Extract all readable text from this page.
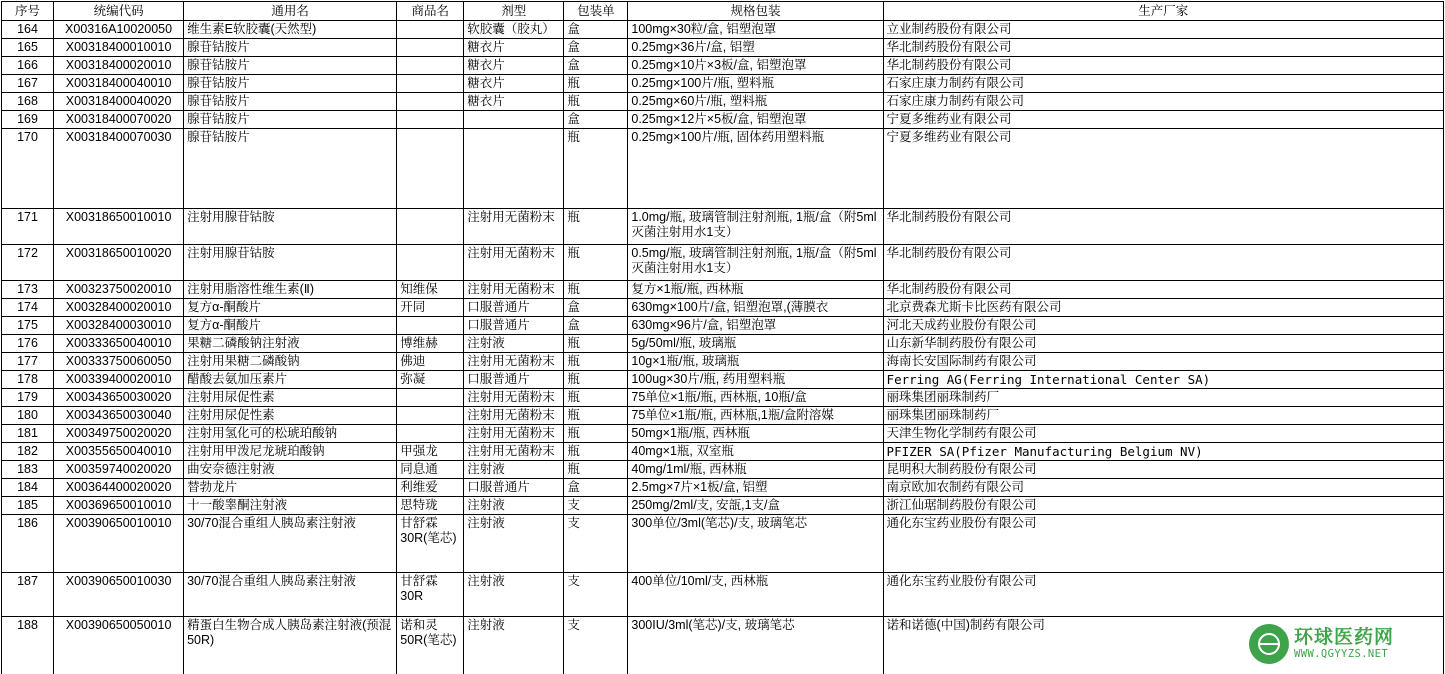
序号	统编代码	通用名	商品名	剂型	包装单	规格包装	生产厂家
164	X00316A10020050	维生素E软胶囊(天然型)		软胶囊（胶丸）	盒	100mg×30粒/盒, 铝塑泡罩	立业制药股份有限公司
165	X00318400010010	腺苷钴胺片		糖衣片	盒	0.25mg×36片/盒, 铝塑	华北制药股份有限公司
166	X00318400020010	腺苷钴胺片		糖衣片	盒	0.25mg×10片×3板/盒, 铝塑泡罩	华北制药股份有限公司
167	X00318400040010	腺苷钴胺片		糖衣片	瓶	0.25mg×100片/瓶, 塑料瓶	石家庄康力制药有限公司
168	X00318400040020	腺苷钴胺片		糖衣片	瓶	0.25mg×60片/瓶, 塑料瓶	石家庄康力制药有限公司
169	X00318400070020	腺苷钴胺片			盒	0.25mg×12片×5板/盒, 铝塑泡罩	宁夏多维药业有限公司
170	X00318400070030	腺苷钴胺片			瓶	0.25mg×100片/瓶, 固体药用塑料瓶	宁夏多维药业有限公司
171	X00318650010010	注射用腺苷钴胺		注射用无菌粉末	瓶	1.0mg/瓶, 玻璃管制注射剂瓶, 1瓶/盒（附5ml灭菌注射用水1支）	华北制药股份有限公司
172	X00318650010020	注射用腺苷钴胺		注射用无菌粉末	瓶	0.5mg/瓶, 玻璃管制注射剂瓶, 1瓶/盒（附5ml灭菌注射用水1支）	华北制药股份有限公司
173	X00323750020010	注射用脂溶性维生素(Ⅱ)	知维保	注射用无菌粉末	瓶	复方×1瓶/瓶, 西林瓶	华北制药股份有限公司
174	X00328400020010	复方α-酮酸片	开同	口服普通片	盒	630mg×100片/盒, 铝塑泡罩,(薄膜衣	北京费森尤斯卡比医药有限公司
175	X00328400030010	复方α-酮酸片		口服普通片	盒	630mg×96片/盒, 铝塑泡罩	河北天成药业股份有限公司
176	X00333650040010	果糖二磷酸钠注射液	博维赫	注射液	瓶	5g/50ml/瓶, 玻璃瓶	山东新华制药股份有限公司
177	X00333750060050	注射用果糖二磷酸钠	佛迪	注射用无菌粉末	瓶	10g×1瓶/瓶, 玻璃瓶	海南长安国际制药有限公司
178	X00339400020010	醋酸去氨加压素片	弥凝	口服普通片	瓶	100ug×30片/瓶, 药用塑料瓶	Ferring AG(Ferring International Center SA)
179	X00343650030020	注射用尿促性素		注射用无菌粉末	瓶	75单位×1瓶/瓶, 西林瓶, 10瓶/盒	丽珠集团丽珠制药厂
180	X00343650030040	注射用尿促性素		注射用无菌粉末	瓶	75单位×1瓶/瓶, 西林瓶,1瓶/盒附溶媒	丽珠集团丽珠制药厂
181	X00349750020020	注射用氢化可的松琥珀酸钠		注射用无菌粉末	瓶	50mg×1瓶/瓶, 西林瓶	天津生物化学制药有限公司
182	X00355650040010	注射用甲泼尼龙琥珀酸钠	甲强龙	注射用无菌粉末	瓶	40mg×1瓶, 双室瓶	PFIZER SA(Pfizer Manufacturing Belgium NV)
183	X00359740020020	曲安奈德注射液	同息通	注射液	瓶	40mg/1ml/瓶, 西林瓶	昆明积大制药股份有限公司
184	X00364400020020	替勃龙片	利维爱	口服普通片	盒	2.5mg×7片×1板/盒, 铝塑	南京欧加农制药有限公司
185	X00369650010010	十一酸睾酮注射液	思特珑	注射液	支	250mg/2ml/支, 安瓿,1支/盒	浙江仙琚制药股份有限公司
186	X00390650010010	30/70混合重组人胰岛素注射液	甘舒霖30R(笔芯)	注射液	支	300单位/3ml(笔芯)/支, 玻璃笔芯	通化东宝药业股份有限公司
187	X00390650010030	30/70混合重组人胰岛素注射液	甘舒霖30R	注射液	支	400单位/10ml/支, 西林瓶	通化东宝药业股份有限公司
188	X00390650050010	精蛋白生物合成人胰岛素注射液(预混50R)	诺和灵50R(笔芯)	注射液	支	300IU/3ml(笔芯)/支, 玻璃笔芯	诺和诺德(中国)制药有限公司
环球医药网
WWW.QGYYZS.NET
